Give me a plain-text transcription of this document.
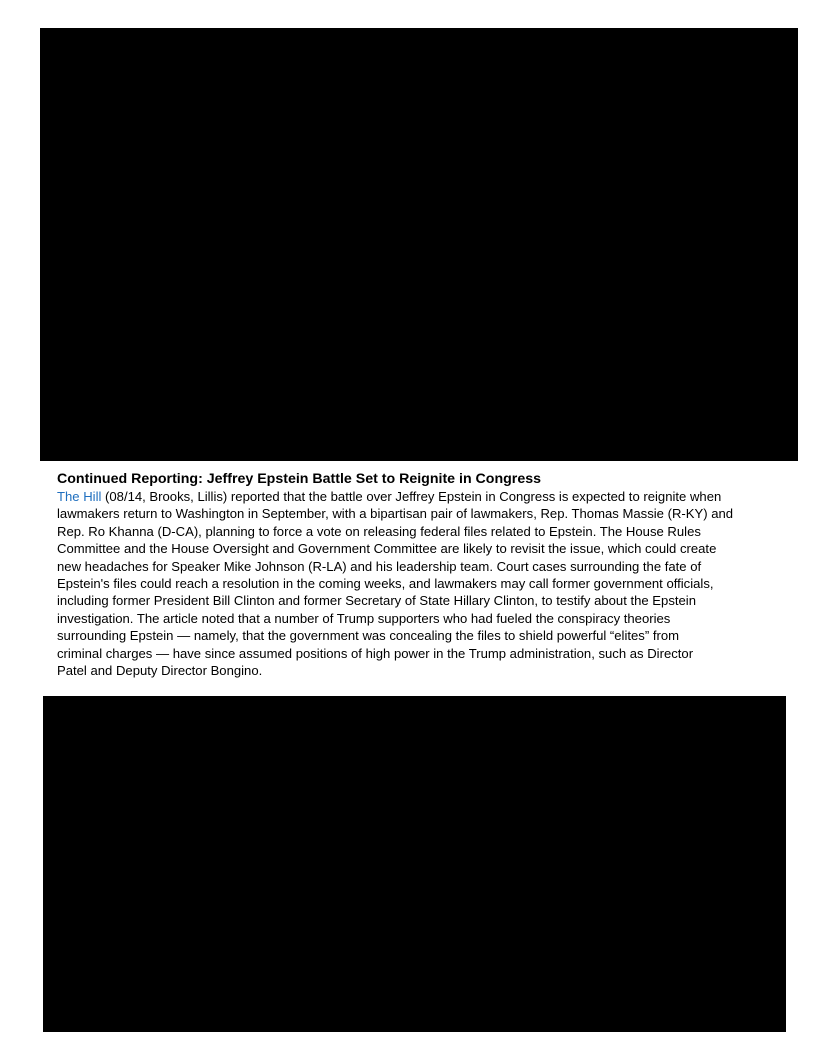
Continued Reporting: Jeffrey Epstein Battle Set to Reignite in Congress

The Hill (08/14, Brooks, Lillis) reported that the battle over Jeffrey Epstein in Congress is expected to reignite when
lawmakers return to Washington in September, with a bipartisan pair of lawmakers, Rep. Thomas Massie (R-KY) and
Rep. Ro Khanna (D-CA), planning to force a vote on releasing federal files related to Epstein. The House Rules
Committee and the House Oversight and Government Committee are likely to revisit the issue, which could create
new headaches for Speaker Mike Johnson (R-LA) and his leadership team. Court cases surrounding the fate of
Epstein's files could reach a resolution in the coming weeks, and lawmakers may call former government officials,
including former President Bill Clinton and former Secretary of State Hillary Clinton, to testify about the Epstein
investigation. The article noted that a number of Trump supporters who had fueled the conspiracy theories
surrounding Epstein — namely, that the government was concealing the files to shield powerful “elites” from
criminal charges — have since assumed positions of high power in the Trump administration, such as Director
Patel and Deputy Director Bongino.
